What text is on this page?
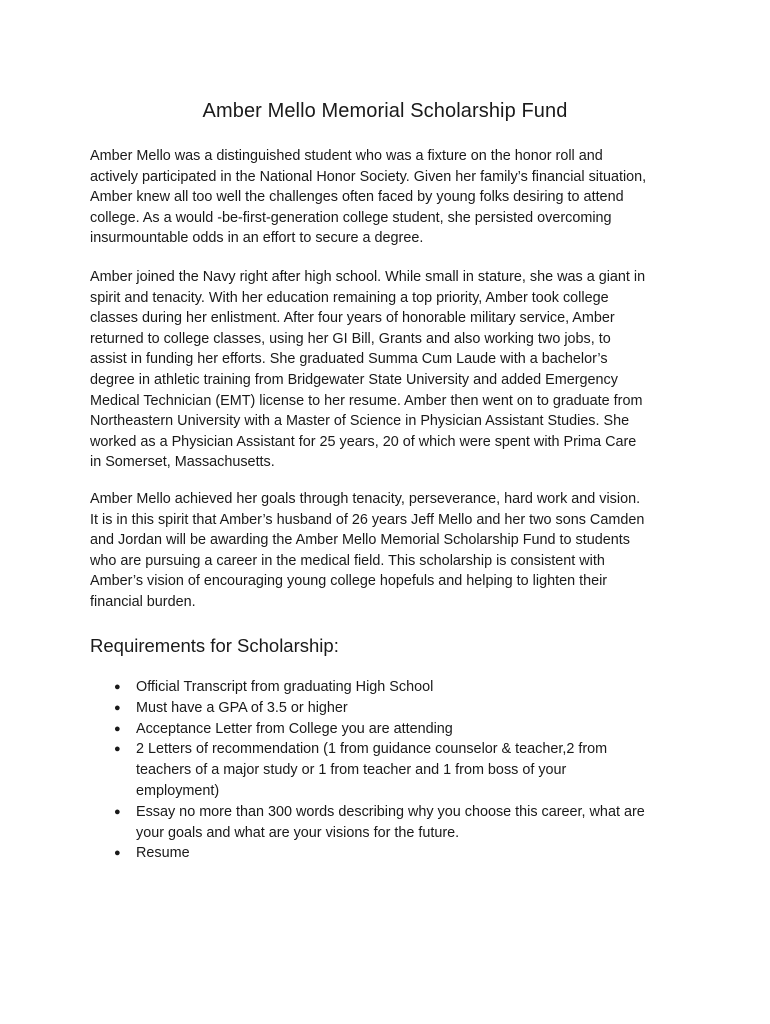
Amber Mello Memorial Scholarship Fund
Amber Mello was a distinguished student who was a fixture on the honor roll and
actively participated in the National Honor Society. Given her family’s financial situation,
Amber knew all too well the challenges often faced by young folks desiring to attend
college. As a would -be-first-generation college student, she persisted overcoming
insurmountable odds in an effort to secure a degree.
Amber joined the Navy right after high school. While small in stature, she was a giant in
spirit and tenacity. With her education remaining a top priority, Amber took college
classes during her enlistment. After four years of honorable military service, Amber
returned to college classes, using her GI Bill, Grants and also working two jobs, to
assist in funding her efforts. She graduated Summa Cum Laude with a bachelor’s
degree in athletic training from Bridgewater State University and added Emergency
Medical Technician (EMT) license to her resume. Amber then went on to graduate from
Northeastern University with a Master of Science in Physician Assistant Studies. She
worked as a Physician Assistant for 25 years, 20 of which were spent with Prima Care
in Somerset, Massachusetts.
Amber Mello achieved her goals through tenacity, perseverance, hard work and vision.
It is in this spirit that Amber’s husband of 26 years Jeff Mello and her two sons Camden
and Jordan will be awarding the Amber Mello Memorial Scholarship Fund to students
who are pursuing a career in the medical field. This scholarship is consistent with
Amber’s vision of encouraging young college hopefuls and helping to lighten their
financial burden.
Requirements for Scholarship:
● Official Transcript from graduating High School
● Must have a GPA of 3.5 or higher
● Acceptance Letter from College you are attending
● 2 Letters of recommendation (1 from guidance counselor & teacher,2 from
teachers of a major study or 1 from teacher and 1 from boss of your
employment)
● Essay no more than 300 words describing why you choose this career, what are
your goals and what are your visions for the future.
● Resume
